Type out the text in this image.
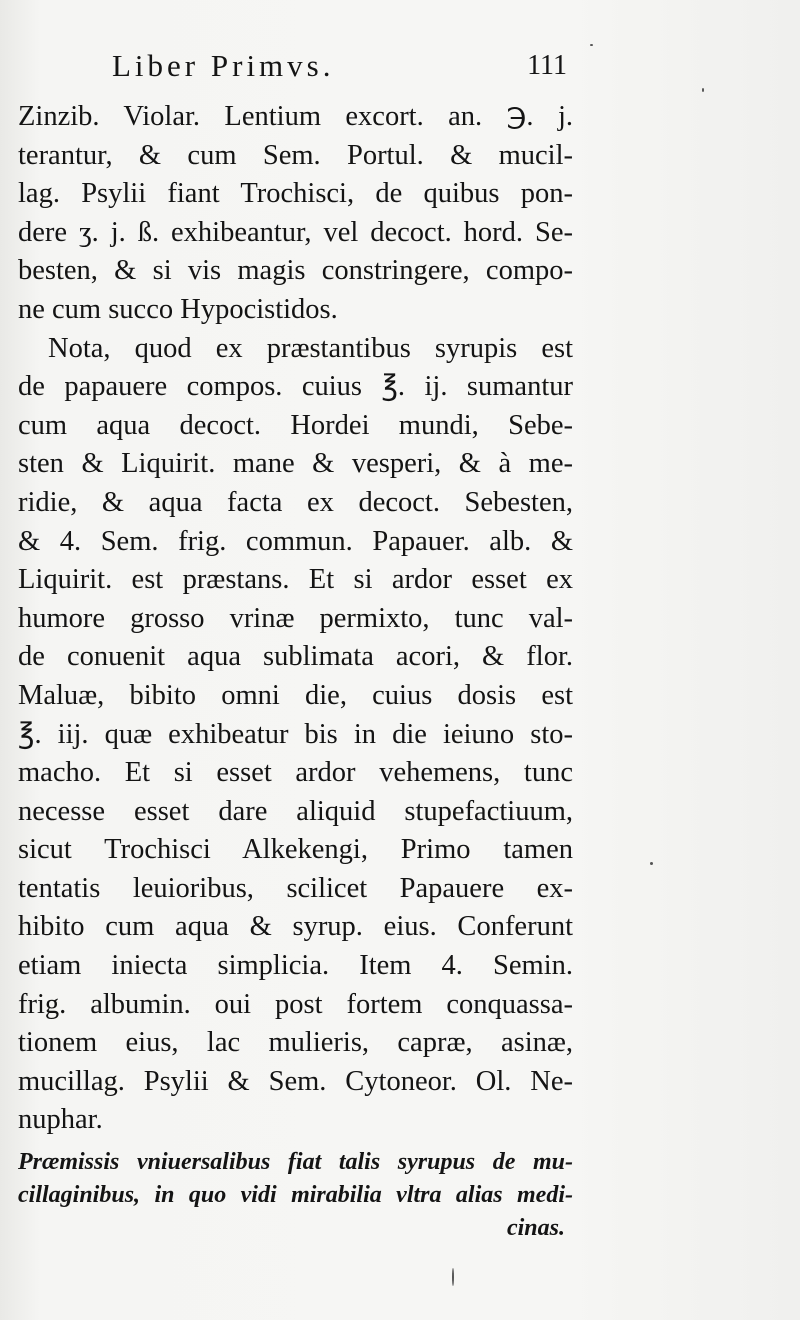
Liber Primvs.	111
Zinzib. Violar. Lentium excort. an. ℈. j.
terantur, & cum Sem. Portul. & mucil-
lag. Psylii fiant Trochisci, de quibus pon-
dere ʒ. j. ß. exhibeantur, vel decoct. hord. Se-
besten, & si vis magis constringere, compo-
ne cum succo Hypocistidos.
Nota, quod ex præstantibus syrupis est
de papauere compos. cuius ℥. ij. sumantur
cum aqua decoct. Hordei mundi, Sebe-
sten & Liquirit. mane & vesperi, & à me-
ridie, & aqua facta ex decoct. Sebesten,
& 4. Sem. frig. commun. Papauer. alb. &
Liquirit. est præstans. Et si ardor esset ex
humore grosso vrinæ permixto, tunc val-
de conuenit aqua sublimata acori, & flor.
Maluæ, bibito omni die, cuius dosis est
℥. iij. quæ exhibeatur bis in die ieiuno sto-
macho. Et si esset ardor vehemens, tunc
necesse esset dare aliquid stupefactiuum,
sicut Trochisci Alkekengi, Primo tamen
tentatis leuioribus, scilicet Papauere ex-
hibito cum aqua & syrup. eius. Conferunt
etiam iniecta simplicia. Item 4. Semin.
frig. albumin. oui post fortem conquassa-
tionem eius, lac mulieris, capræ, asinæ,
mucillag. Psylii & Sem. Cytoneor. Ol. Ne-
nuphar.
Præmissis vniuersalibus fiat talis syrupus de mu-
cillaginibus, in quo vidi mirabilia vltra alias medi-
cinas.
